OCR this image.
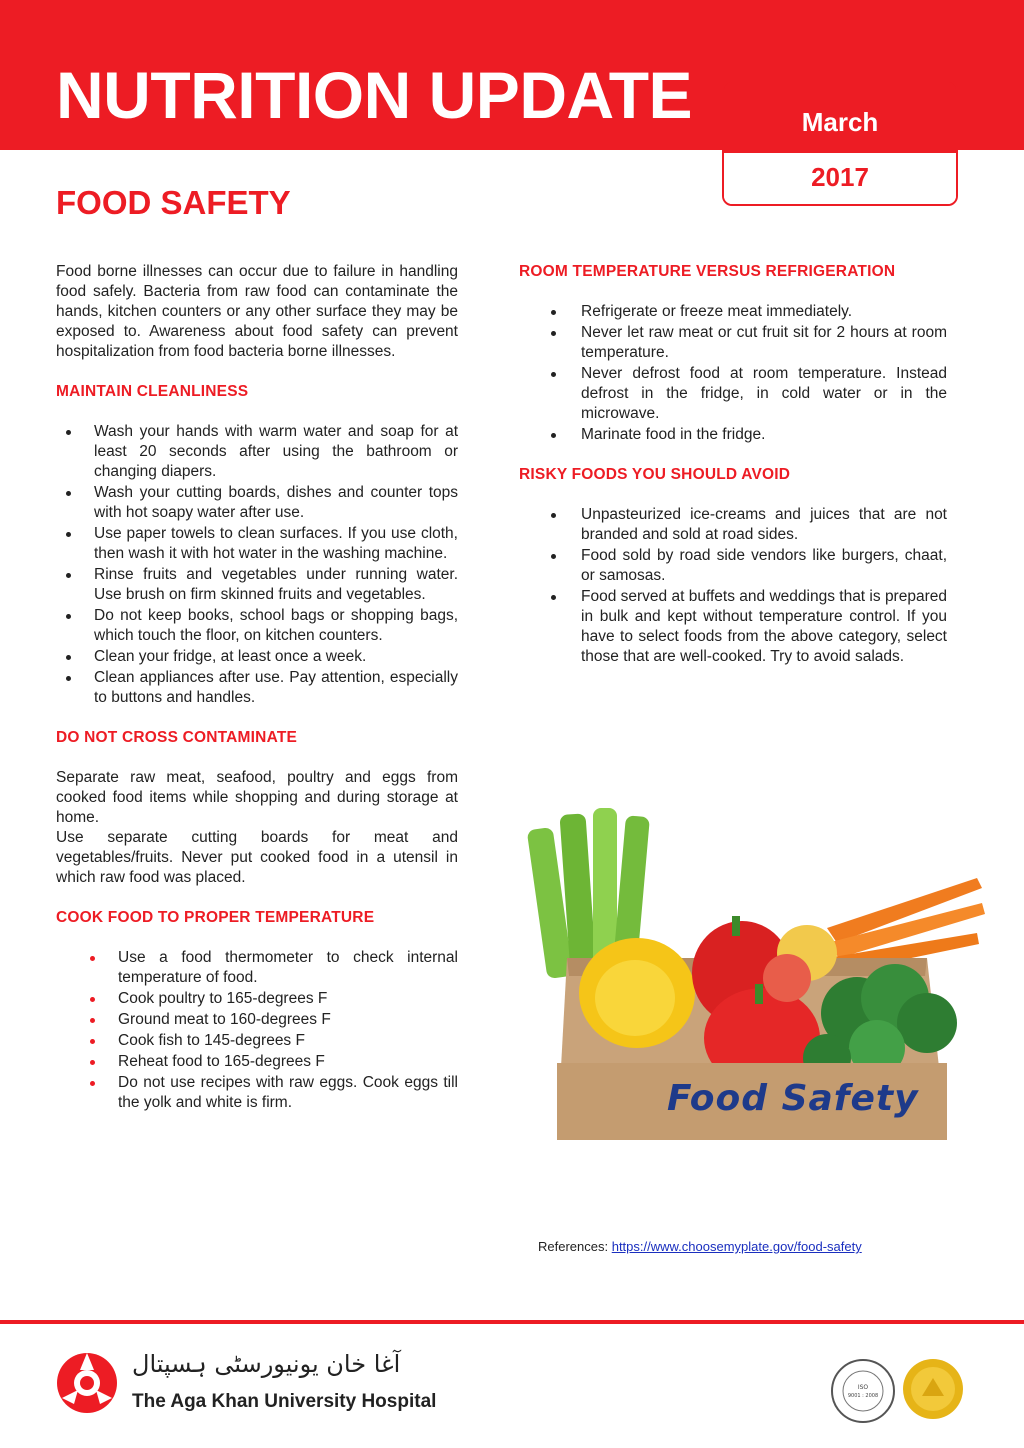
NUTRITION UPDATE	March
2017
FOOD SAFETY

Food borne illnesses can occur due to failure in handling food safely. Bacteria from raw food can contaminate the hands, kitchen counters or any other surface they may be exposed to. Awareness about food safety can prevent hospitalization from food bacteria borne illnesses.

MAINTAIN CLEANLINESS
Wash your hands with warm water and soap for at least 20 seconds after using the bathroom or changing diapers.
Wash your cutting boards, dishes and counter tops with hot soapy water after use.
Use paper towels to clean surfaces. If you use cloth, then wash it with hot water in the washing machine.
Rinse fruits and vegetables under running water. Use brush on firm skinned fruits and vegetables.
Do not keep books, school bags or shopping bags, which touch the floor, on kitchen counters.
Clean your fridge, at least once a week.
Clean appliances after use. Pay attention, especially to buttons and handles.
DO NOT CROSS CONTAMINATE

Separate raw meat, seafood, poultry and eggs from cooked food items while shopping and during storage at home.

Use separate cutting boards for meat and vegetables/fruits. Never put cooked food in a utensil in which raw food was placed.

COOK FOOD TO PROPER TEMPERATURE
Use a food thermometer to check internal temperature of food.
Cook poultry to 165-degrees F
Ground meat to 160-degrees F
Cook fish to 145-degrees F
Reheat food to 165-degrees F
Do not use recipes with raw eggs. Cook eggs till the yolk and white is firm.
ROOM TEMPERATURE VERSUS REFRIGERATION
Refrigerate or freeze meat immediately.
Never let raw meat or cut fruit sit for 2 hours at room temperature.
Never defrost food at room temperature. Instead defrost in the fridge, in cold water or in the microwave.
Marinate food in the fridge.
RISKY FOODS YOU SHOULD AVOID
Unpasteurized ice-creams and juices that are not branded and sold at road sides.
Food sold by road side vendors like burgers, chaat, or samosas.
Food served at buffets and weddings that is prepared in bulk and kept without temperature control. If you have to select foods from the above category, select those that are well-cooked. Try to avoid salads.
Food Safety
References: https://www.choosemyplate.gov/food-safety
آغا خان یونیورسٹی ہسپتال
The Aga Khan University Hospital
ISO
9001 : 2008
